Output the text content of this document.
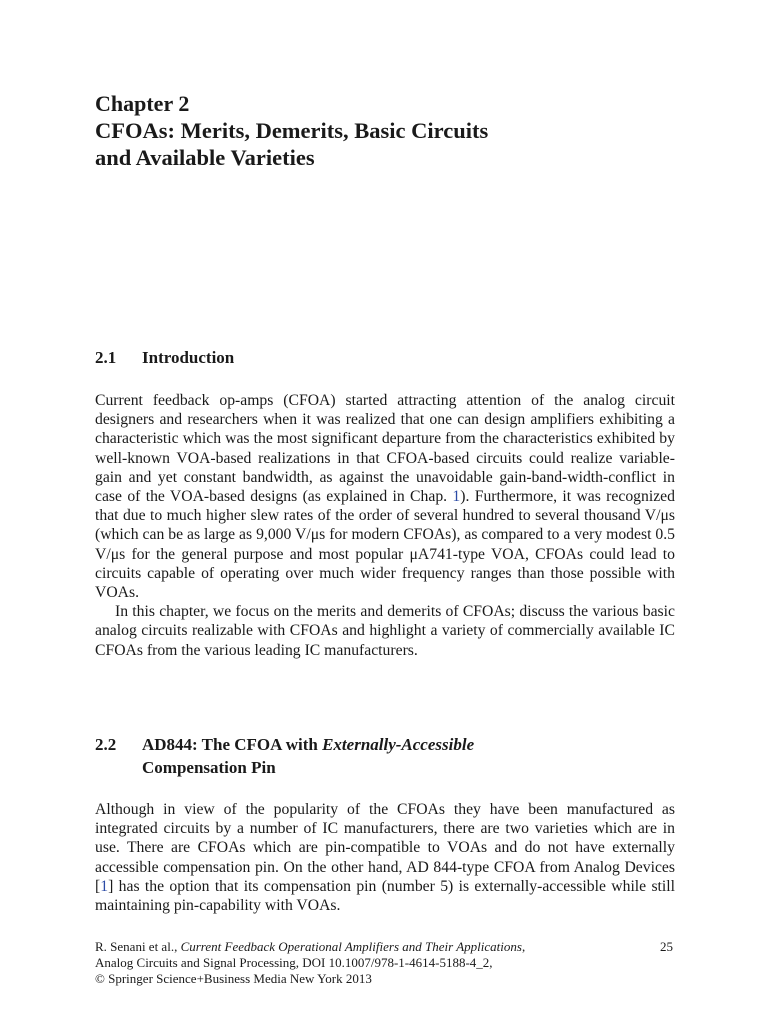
Chapter 2
CFOAs: Merits, Demerits, Basic Circuits
and Available Varieties
2.1 Introduction

Current feedback op-amps (CFOA) started attracting attention of the analog circuit designers and researchers when it was realized that one can design amplifiers exhibiting a characteristic which was the most significant departure from the characteristics exhibited by well-known VOA-based realizations in that CFOA-based circuits could realize variable-gain and yet constant bandwidth, as against the unavoidable gain-band-width-conflict in case of the VOA-based designs (as explained in Chap. 1). Furthermore, it was recognized that due to much higher slew rates of the order of several hundred to several thousand V/μs (which can be as large as 9,000 V/μs for modern CFOAs), as compared to a very modest 0.5 V/μs for the general purpose and most popular μA741-type VOA, CFOAs could lead to circuits capable of operating over much wider frequency ranges than those possible with VOAs.
In this chapter, we focus on the merits and demerits of CFOAs; discuss the various basic analog circuits realizable with CFOAs and highlight a variety of commercially available IC CFOAs from the various leading IC manufacturers.

2.2 AD844: The CFOA with Externally-Accessible
Compensation Pin

Although in view of the popularity of the CFOAs they have been manufactured as integrated circuits by a number of IC manufacturers, there are two varieties which are in use. There are CFOAs which are pin-compatible to VOAs and do not have externally accessible compensation pin. On the other hand, AD 844-type CFOA from Analog Devices [1] has the option that its compensation pin (number 5) is externally-accessible while still maintaining pin-capability with VOAs.

R. Senani et al., Current Feedback Operational Amplifiers and Their Applications,
Analog Circuits and Signal Processing, DOI 10.1007/978-1-4614-5188-4_2,
© Springer Science+Business Media New York 2013
25
